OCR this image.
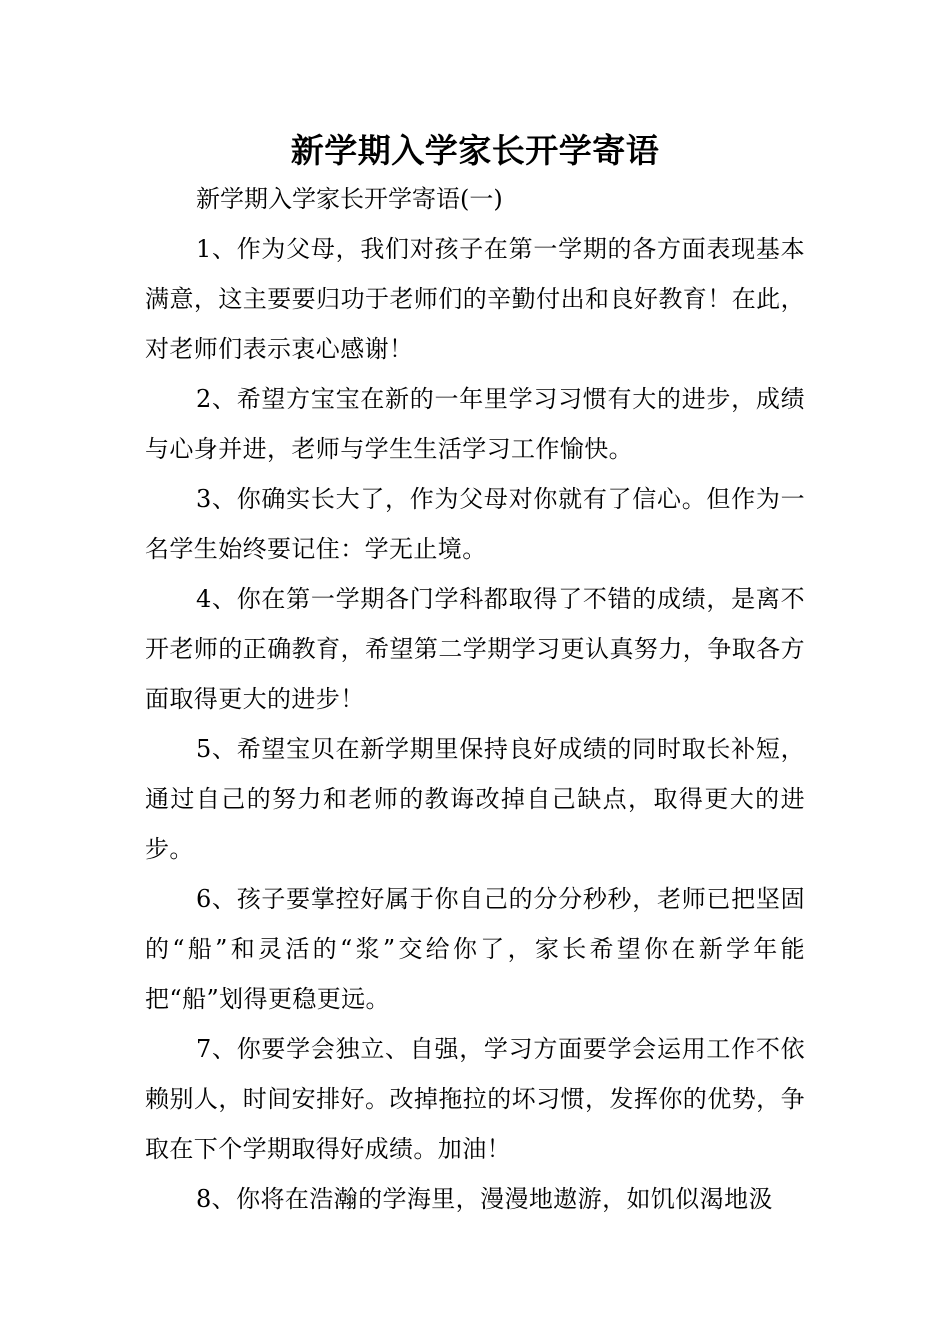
新学期入学家长开学寄语
新学期入学家长开学寄语(一)

1、作为父母，我们对孩子在第一学期的各方面表现基本满意，这主要要归功于老师们的辛勤付出和良好教育！在此，对老师们表示衷心感谢！

2、希望方宝宝在新的一年里学习习惯有大的进步，成绩与心身并进，老师与学生生活学习工作愉快。

3、你确实长大了，作为父母对你就有了信心。但作为一名学生始终要记住：学无止境。

4、你在第一学期各门学科都取得了不错的成绩，是离不开老师的正确教育，希望第二学期学习更认真努力，争取各方面取得更大的进步！

5、希望宝贝在新学期里保持良好成绩的同时取长补短，通过自己的努力和老师的教诲改掉自己缺点，取得更大的进步。

6、孩子要掌控好属于你自己的分分秒秒，老师已把坚固的“船”和灵活的“浆”交给你了，家长希望你在新学年能把“船”划得更稳更远。

7、你要学会独立、自强，学习方面要学会运用工作不依赖别人，时间安排好。改掉拖拉的坏习惯，发挥你的优势，争取在下个学期取得好成绩。加油！

8、你将在浩瀚的学海里，漫漫地遨游，如饥似渴地汲
